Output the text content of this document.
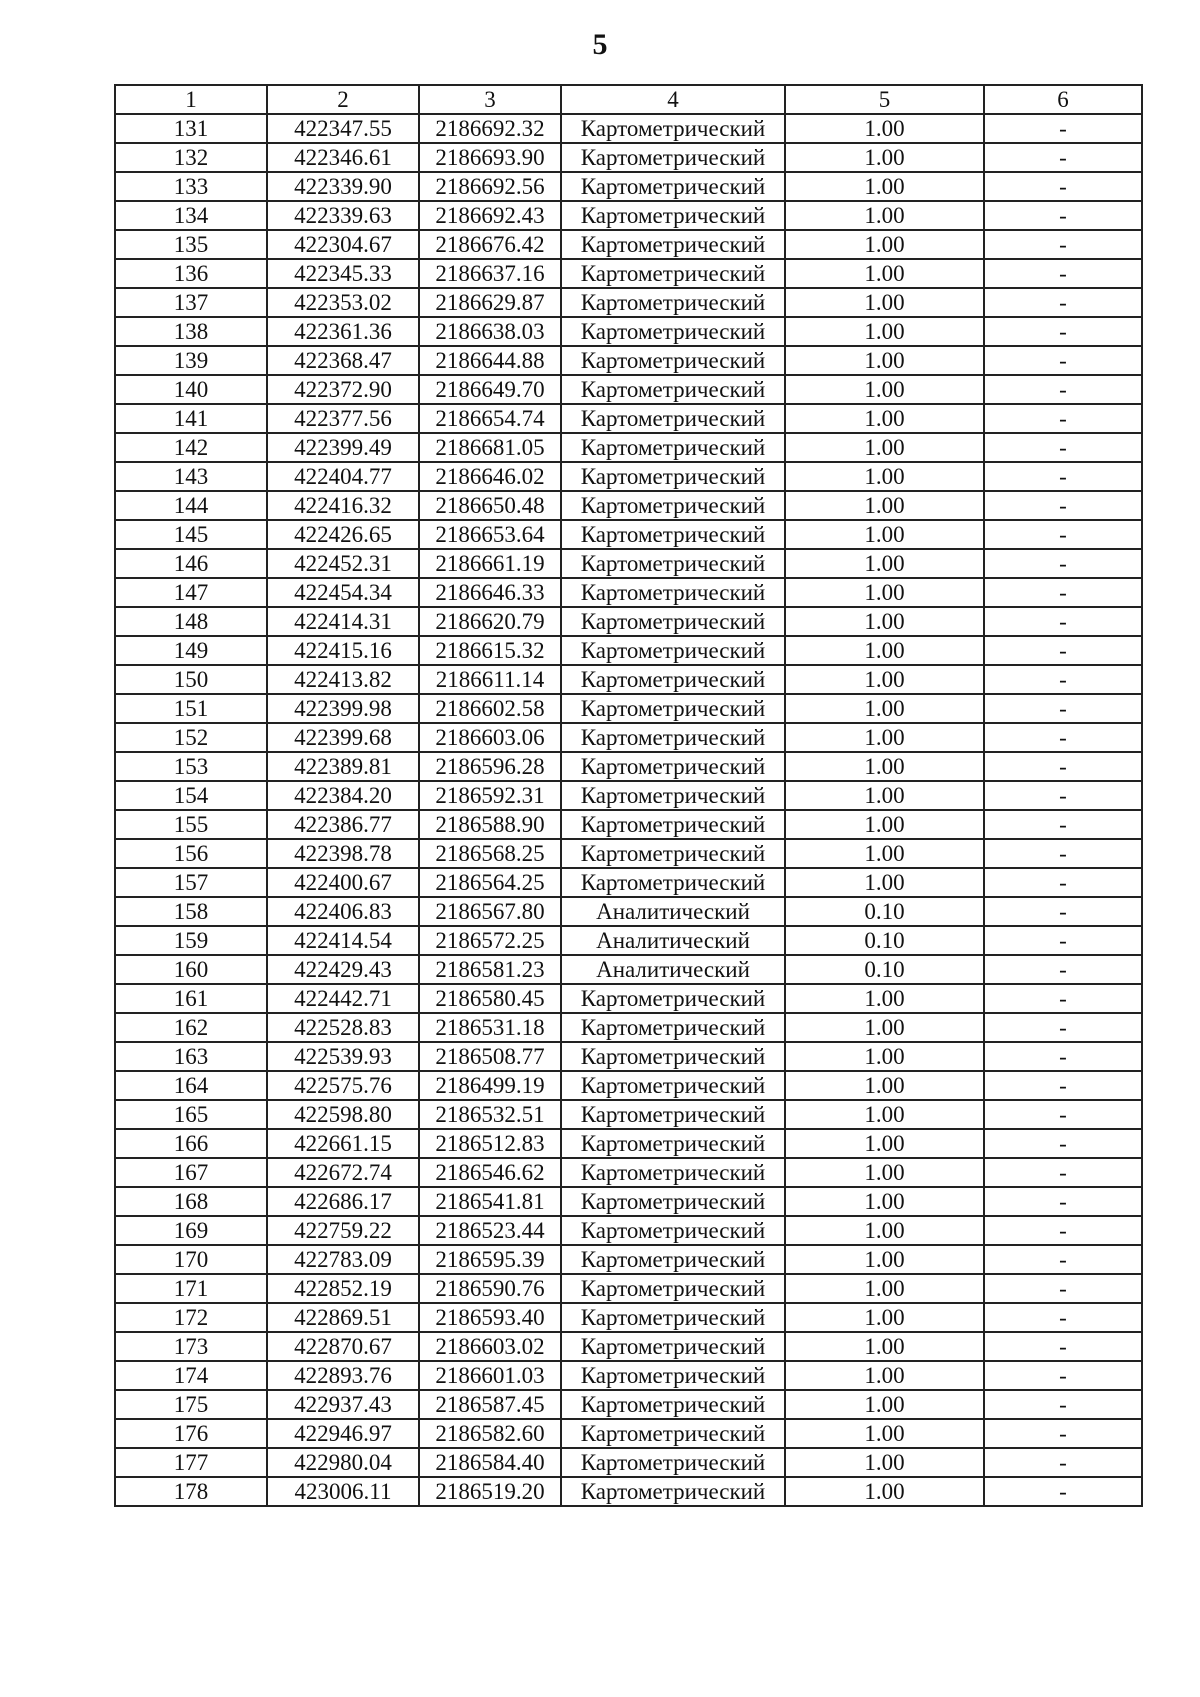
5
1	2	3	4	5	6
131	422347.55	2186692.32	Картометрический	1.00	-
132	422346.61	2186693.90	Картометрический	1.00	-
133	422339.90	2186692.56	Картометрический	1.00	-
134	422339.63	2186692.43	Картометрический	1.00	-
135	422304.67	2186676.42	Картометрический	1.00	-
136	422345.33	2186637.16	Картометрический	1.00	-
137	422353.02	2186629.87	Картометрический	1.00	-
138	422361.36	2186638.03	Картометрический	1.00	-
139	422368.47	2186644.88	Картометрический	1.00	-
140	422372.90	2186649.70	Картометрический	1.00	-
141	422377.56	2186654.74	Картометрический	1.00	-
142	422399.49	2186681.05	Картометрический	1.00	-
143	422404.77	2186646.02	Картометрический	1.00	-
144	422416.32	2186650.48	Картометрический	1.00	-
145	422426.65	2186653.64	Картометрический	1.00	-
146	422452.31	2186661.19	Картометрический	1.00	-
147	422454.34	2186646.33	Картометрический	1.00	-
148	422414.31	2186620.79	Картометрический	1.00	-
149	422415.16	2186615.32	Картометрический	1.00	-
150	422413.82	2186611.14	Картометрический	1.00	-
151	422399.98	2186602.58	Картометрический	1.00	-
152	422399.68	2186603.06	Картометрический	1.00	-
153	422389.81	2186596.28	Картометрический	1.00	-
154	422384.20	2186592.31	Картометрический	1.00	-
155	422386.77	2186588.90	Картометрический	1.00	-
156	422398.78	2186568.25	Картометрический	1.00	-
157	422400.67	2186564.25	Картометрический	1.00	-
158	422406.83	2186567.80	Аналитический	0.10	-
159	422414.54	2186572.25	Аналитический	0.10	-
160	422429.43	2186581.23	Аналитический	0.10	-
161	422442.71	2186580.45	Картометрический	1.00	-
162	422528.83	2186531.18	Картометрический	1.00	-
163	422539.93	2186508.77	Картометрический	1.00	-
164	422575.76	2186499.19	Картометрический	1.00	-
165	422598.80	2186532.51	Картометрический	1.00	-
166	422661.15	2186512.83	Картометрический	1.00	-
167	422672.74	2186546.62	Картометрический	1.00	-
168	422686.17	2186541.81	Картометрический	1.00	-
169	422759.22	2186523.44	Картометрический	1.00	-
170	422783.09	2186595.39	Картометрический	1.00	-
171	422852.19	2186590.76	Картометрический	1.00	-
172	422869.51	2186593.40	Картометрический	1.00	-
173	422870.67	2186603.02	Картометрический	1.00	-
174	422893.76	2186601.03	Картометрический	1.00	-
175	422937.43	2186587.45	Картометрический	1.00	-
176	422946.97	2186582.60	Картометрический	1.00	-
177	422980.04	2186584.40	Картометрический	1.00	-
178	423006.11	2186519.20	Картометрический	1.00	-
